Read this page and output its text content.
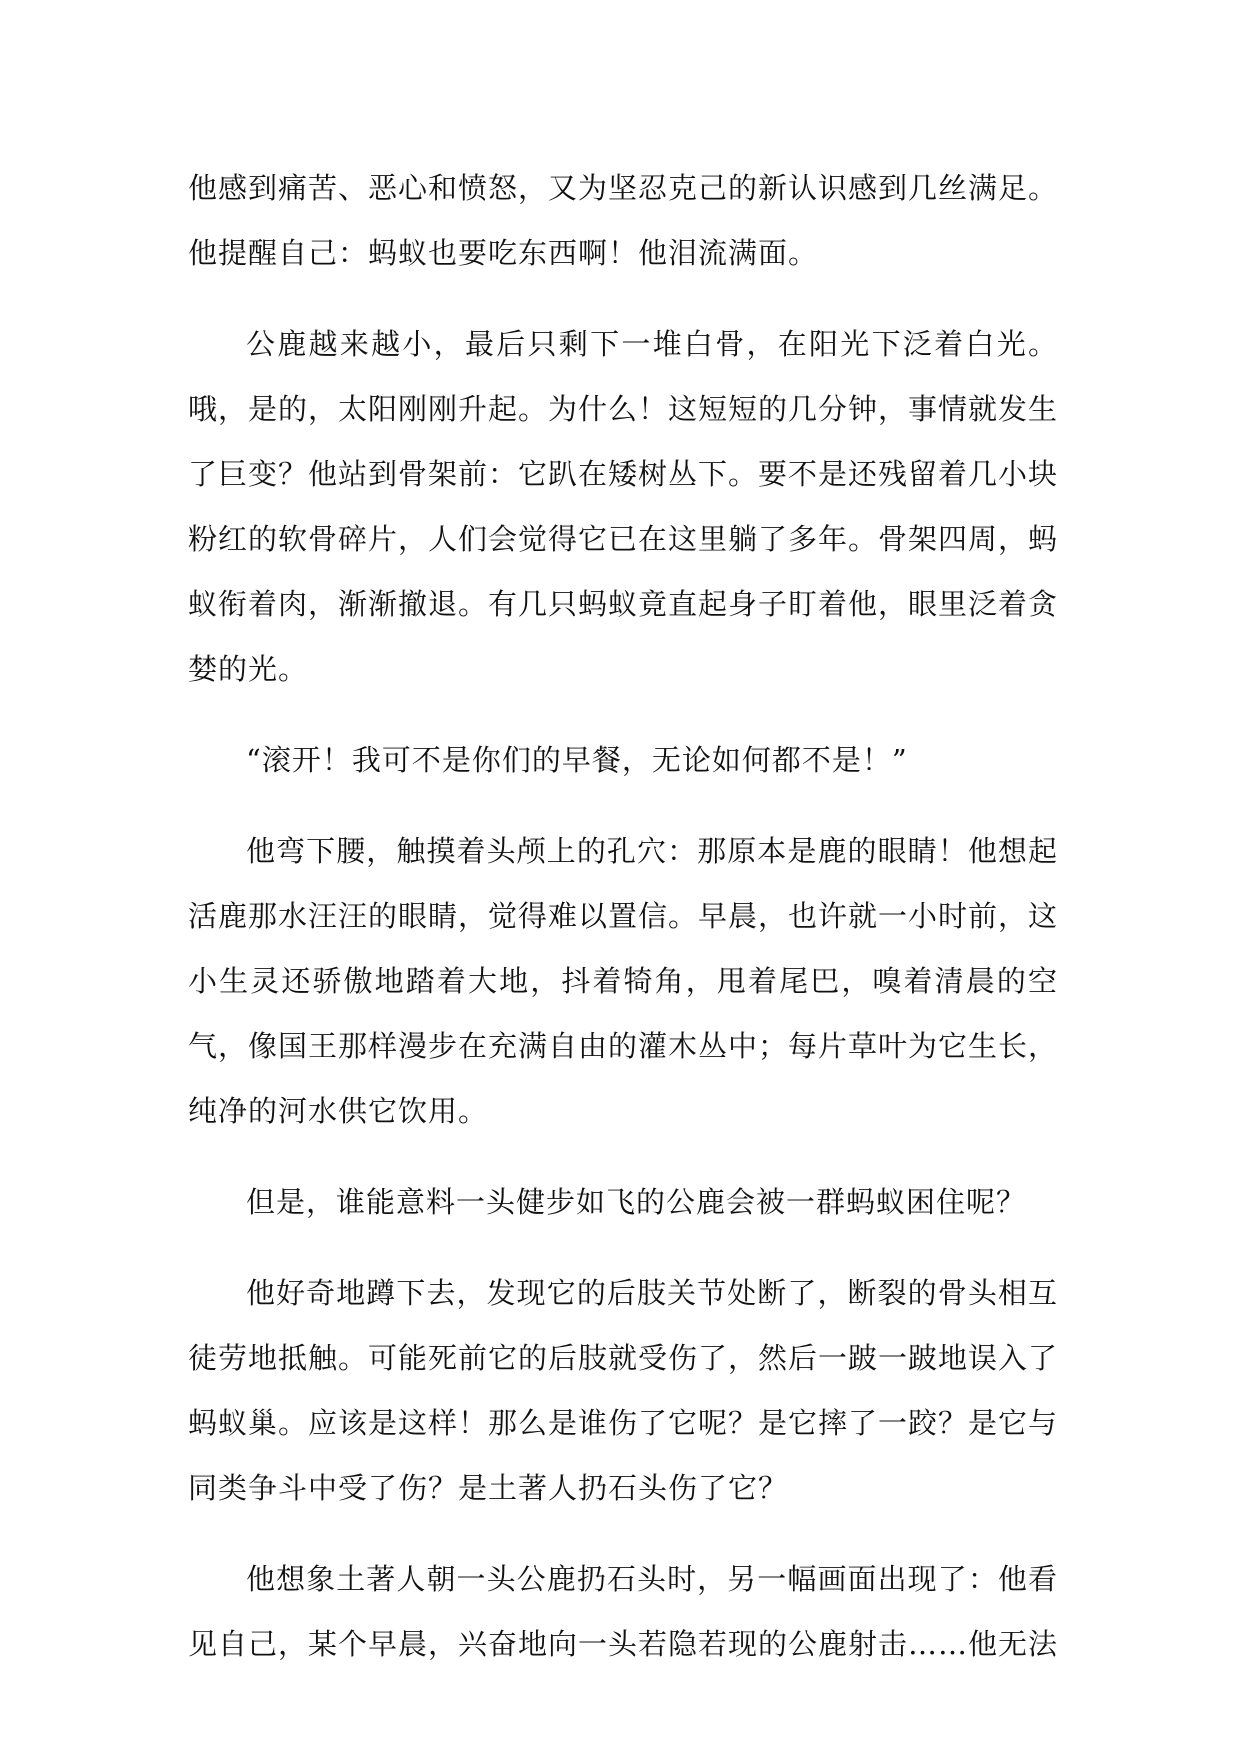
他感到痛苦、恶心和愤怒，又为坚忍克己的新认识感到几丝满足。他提醒自己：蚂蚁也要吃东西啊！他泪流满面。

公鹿越来越小，最后只剩下一堆白骨，在阳光下泛着白光。哦，是的，太阳刚刚升起。为什么！这短短的几分钟，事情就发生了巨变？他站到骨架前：它趴在矮树丛下。要不是还残留着几小块粉红的软骨碎片，人们会觉得它已在这里躺了多年。骨架四周，蚂蚁衔着肉，渐渐撤退。有几只蚂蚁竟直起身子盯着他，眼里泛着贪婪的光。

“滚开！我可不是你们的早餐，无论如何都不是！”

他弯下腰，触摸着头颅上的孔穴：那原本是鹿的眼睛！他想起活鹿那水汪汪的眼睛，觉得难以置信。早晨，也许就一小时前，这小生灵还骄傲地踏着大地，抖着犄角，甩着尾巴，嗅着清晨的空气，像国王那样漫步在充满自由的灌木丛中；每片草叶为它生长，纯净的河水供它饮用。

但是，谁能意料一头健步如飞的公鹿会被一群蚂蚁困住呢？

他好奇地蹲下去，发现它的后肢关节处断了，断裂的骨头相互徒劳地抵触。可能死前它的后肢就受伤了，然后一跛一跛地误入了蚂蚁巢。应该是这样！那么是谁伤了它呢？是它摔了一跤？是它与同类争斗中受了伤？是土著人扔石头伤了它？

他想象土著人朝一头公鹿扔石头时，另一幅画面出现了：他看见自己，某个早晨，兴奋地向一头若隐若现的公鹿射击……他无法
